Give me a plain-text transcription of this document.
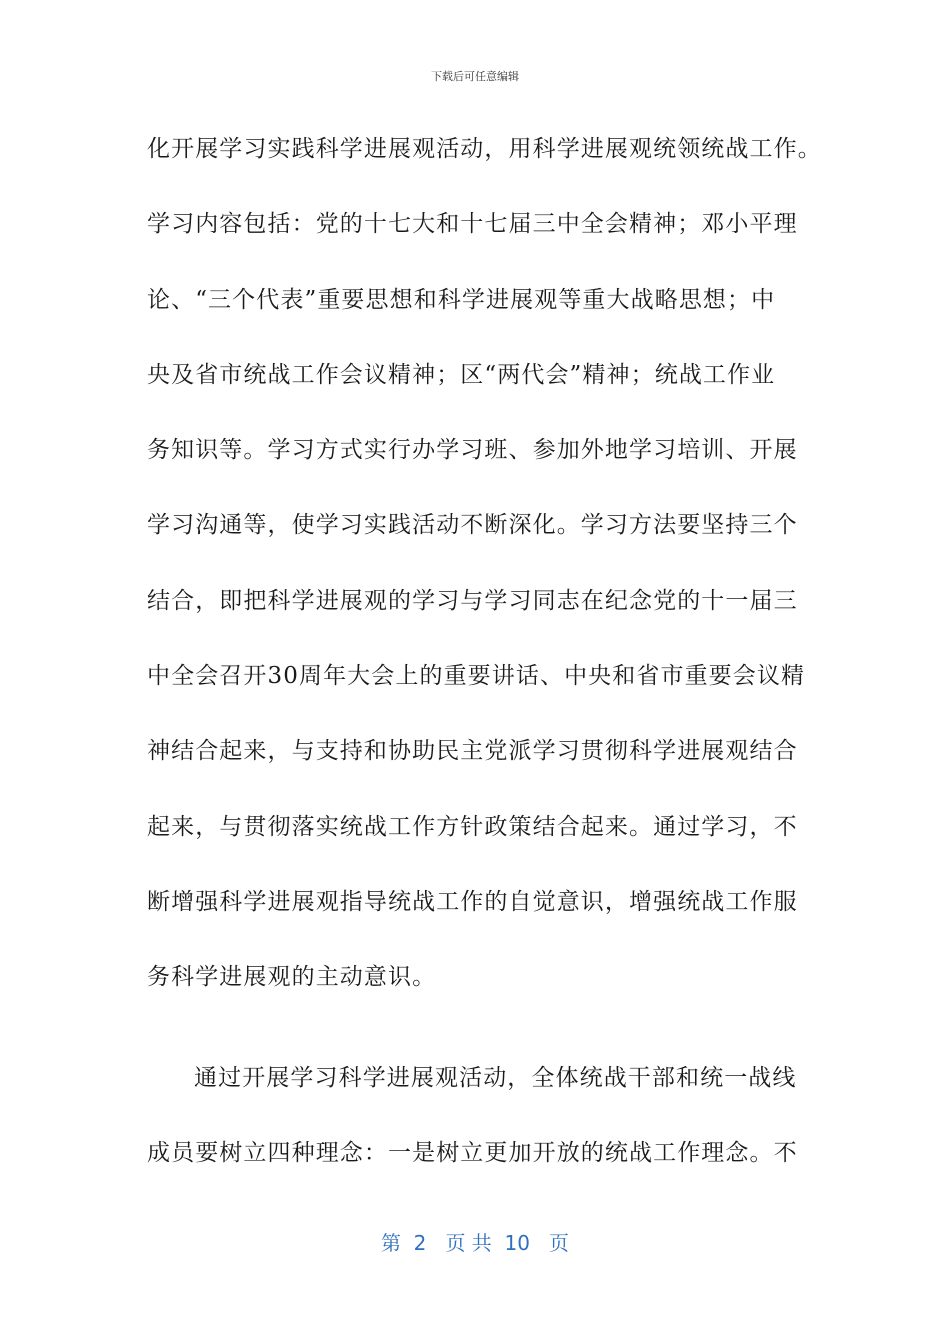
下载后可任意编辑
化开展学习实践科学进展观活动，用科学进展观统领统战工作。
学习内容包括：党的十七大和十七届三中全会精神；邓小平理
论、“三个代表”重要思想和科学进展观等重大战略思想；中
央及省市统战工作会议精神；区“两代会”精神；统战工作业
务知识等。学习方式实行办学习班、参加外地学习培训、开展
学习沟通等，使学习实践活动不断深化。学习方法要坚持三个
结合，即把科学进展观的学习与学习同志在纪念党的十一届三
中全会召开30周年大会上的重要讲话、中央和省市重要会议精
神结合起来，与支持和协助民主党派学习贯彻科学进展观结合
起来，与贯彻落实统战工作方针政策结合起来。通过学习，不
断增强科学进展观指导统战工作的自觉意识，增强统战工作服
务科学进展观的主动意识。
通过开展学习科学进展观活动，全体统战干部和统一战线
成员要树立四种理念：一是树立更加开放的统战工作理念。不
第  2   页 共  10   页
